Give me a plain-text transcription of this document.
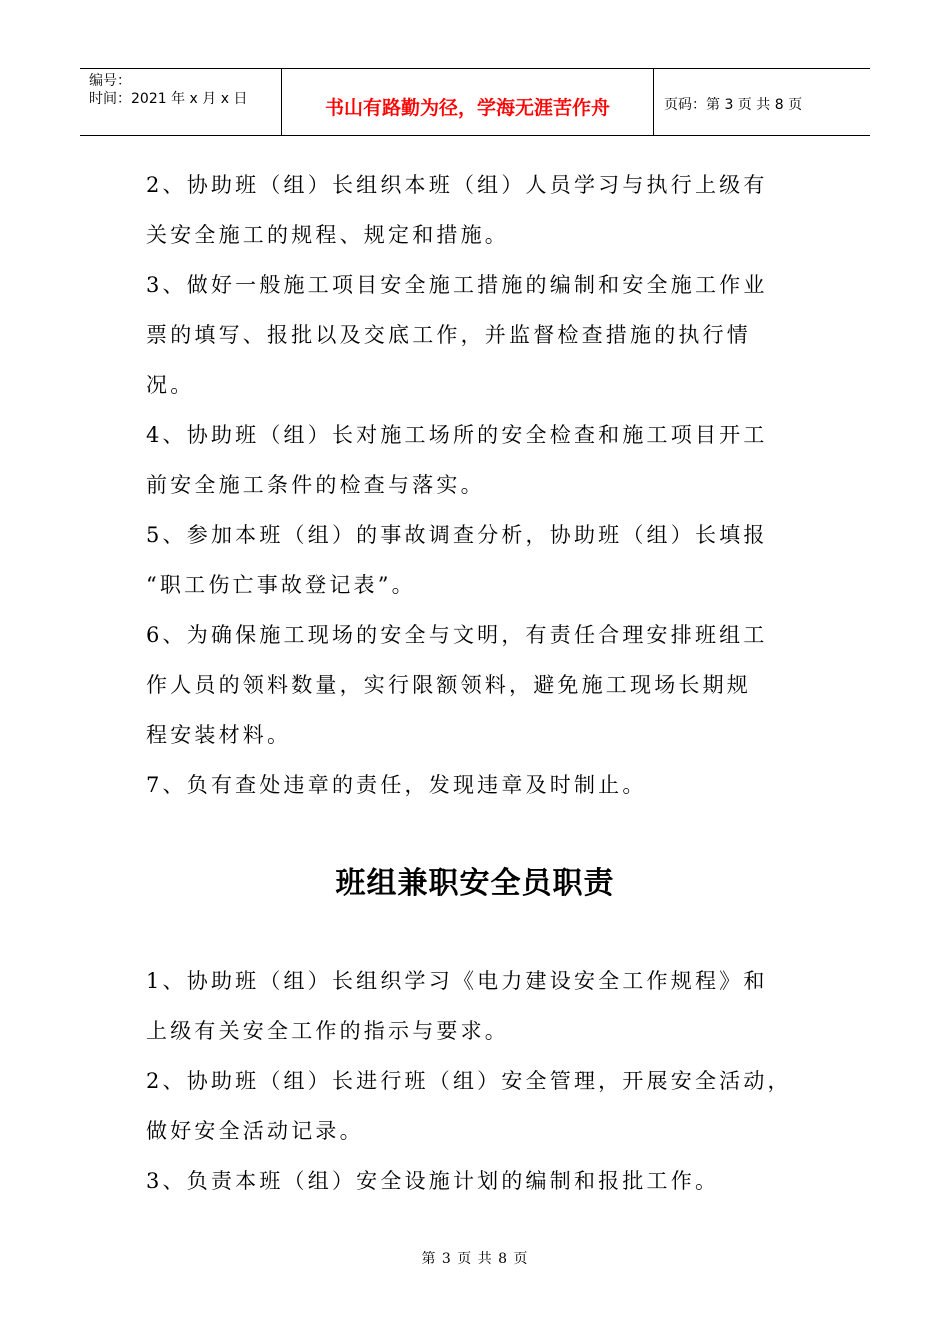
编号：
时间：2021 年 x 月 x 日	书山有路勤为径，学海无涯苦作舟	页码：第 3 页 共 8 页

2、协助班（组）长组织本班（组）人员学习与执行上级有

关安全施工的规程、规定和措施。

3、做好一般施工项目安全施工措施的编制和安全施工作业

票的填写、报批以及交底工作，并监督检查措施的执行情

况。

4、协助班（组）长对施工场所的安全检查和施工项目开工

前安全施工条件的检查与落实。

5、参加本班（组）的事故调查分析，协助班（组）长填报

“职工伤亡事故登记表”。

6、为确保施工现场的安全与文明，有责任合理安排班组工

作人员的领料数量，实行限额领料，避免施工现场长期规

程安装材料。

7、负有查处违章的责任，发现违章及时制止。

班组兼职安全员职责

1、协助班（组）长组织学习《电力建设安全工作规程》和

上级有关安全工作的指示与要求。

2、协助班（组）长进行班（组）安全管理，开展安全活动，

做好安全活动记录。

3、负责本班（组）安全设施计划的编制和报批工作。

第 3 页 共 8 页
